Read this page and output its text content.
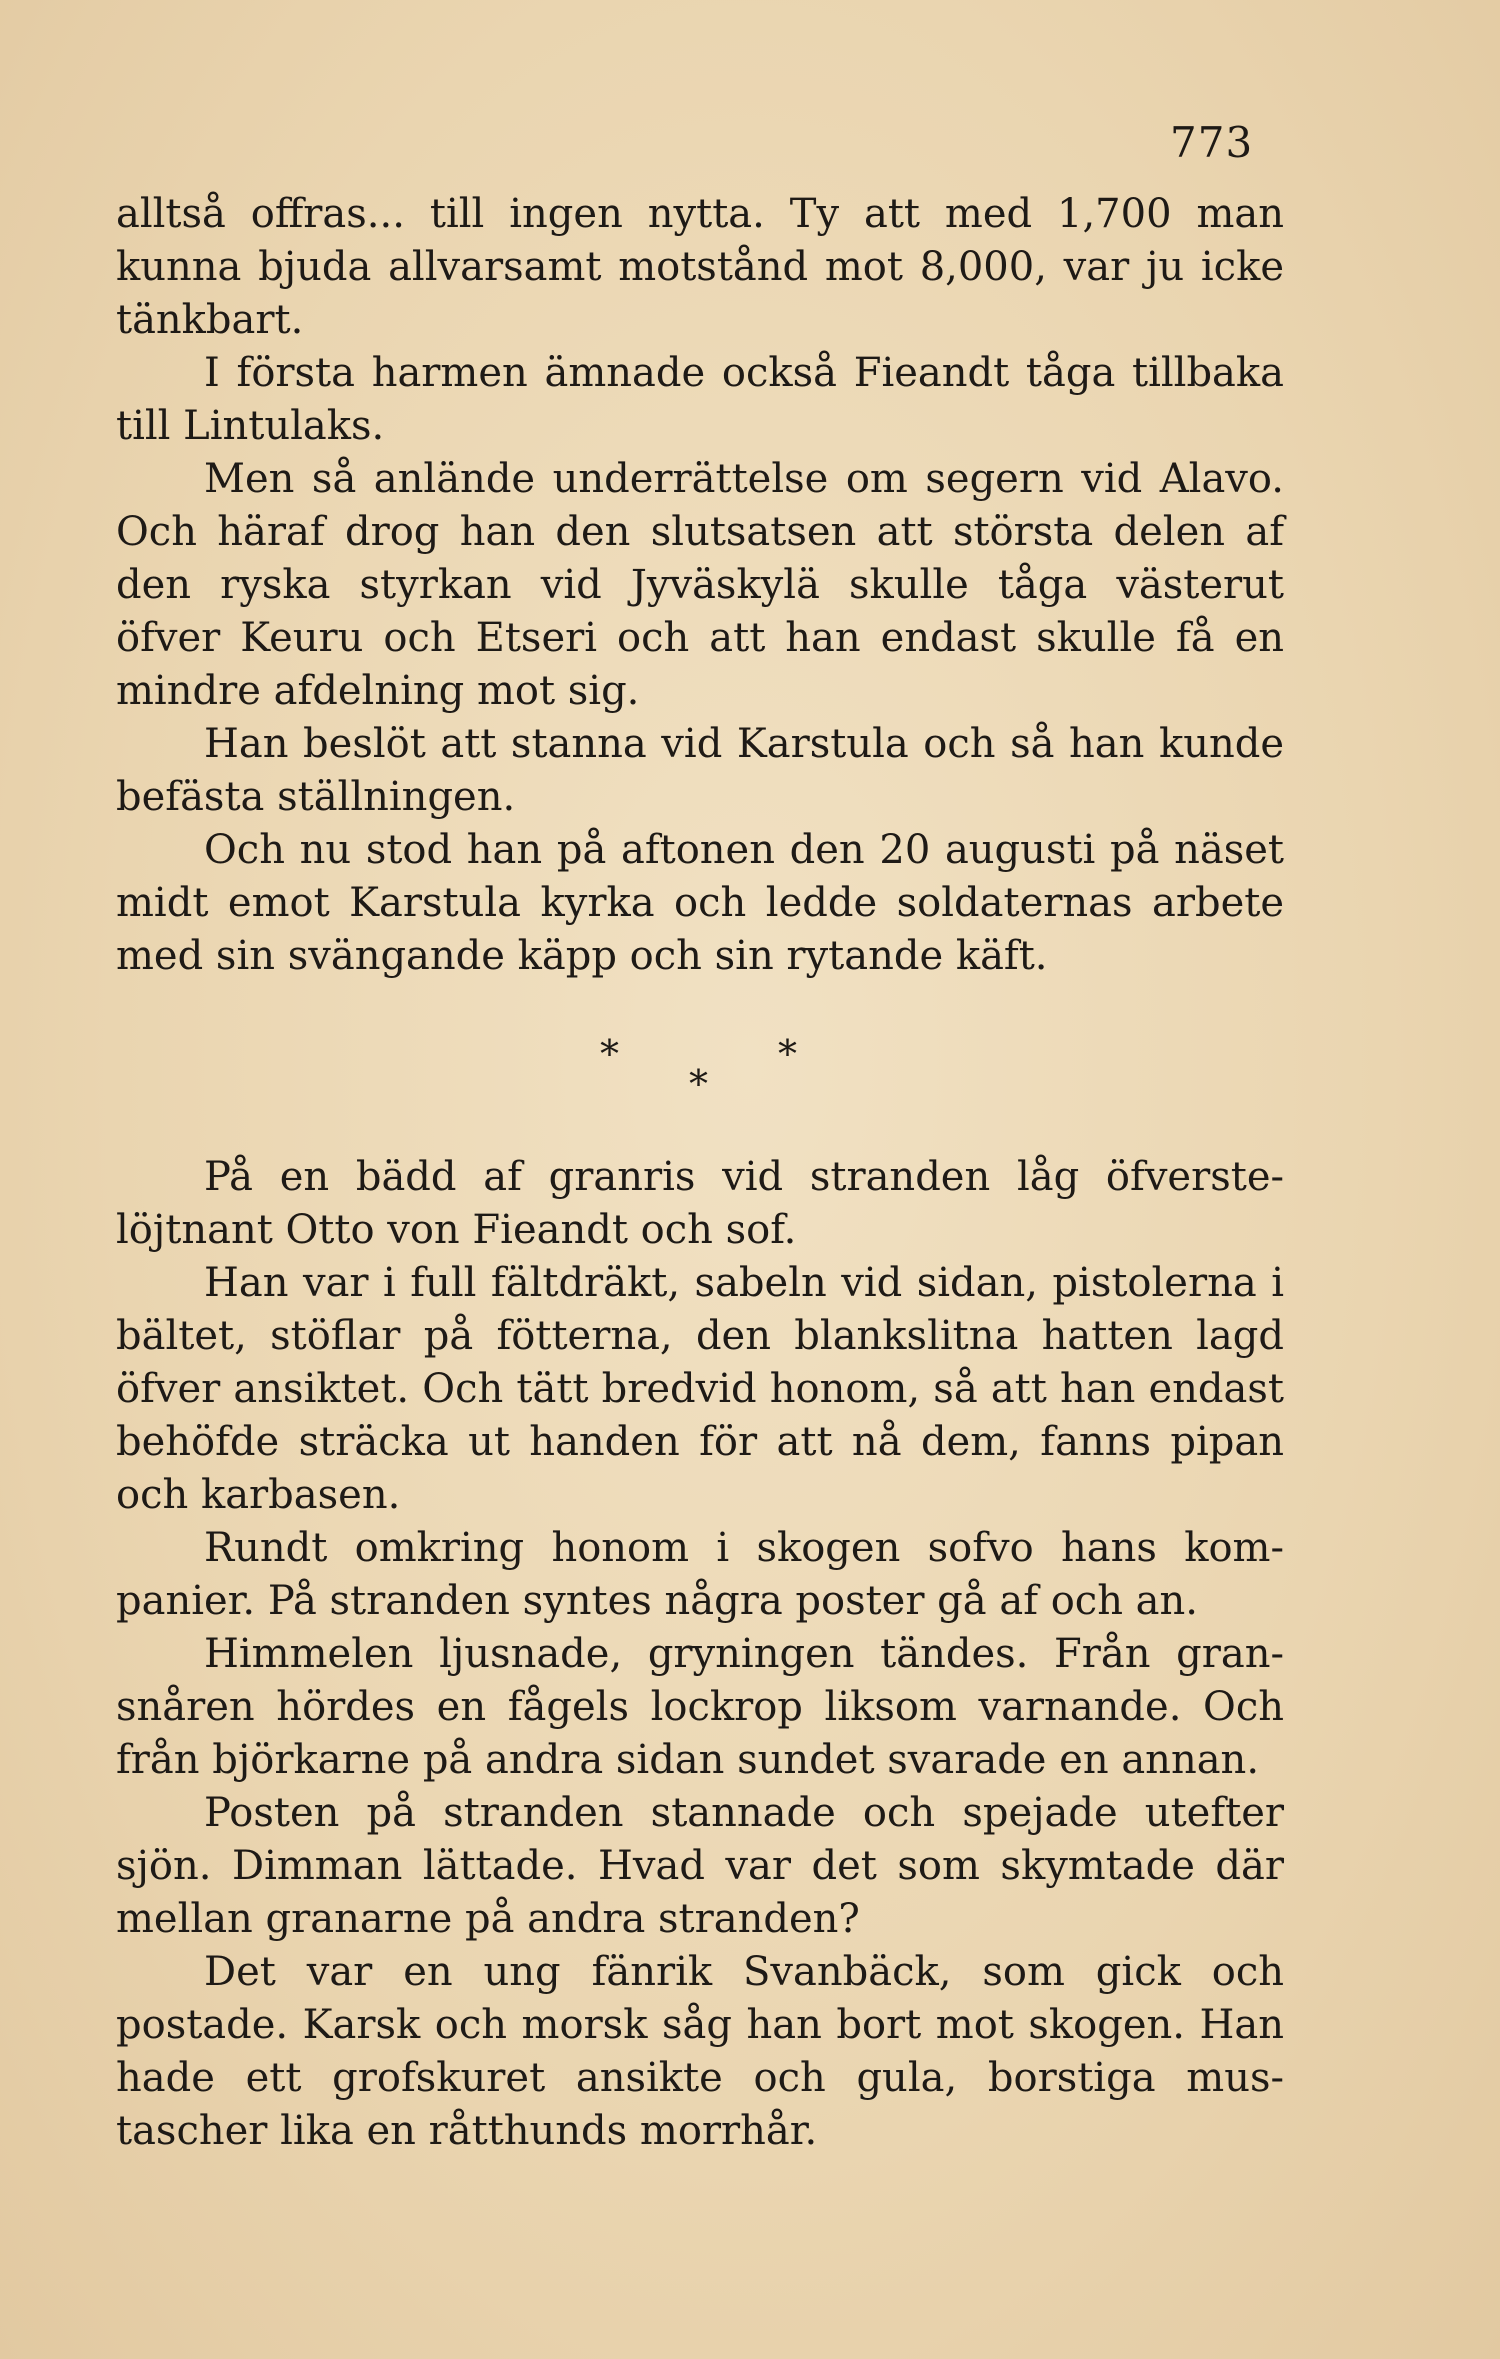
773

alltså offras... till ingen nytta. Ty att med 1,700 man kunna bjuda allvarsamt motstånd mot 8,000, var ju icke tänkbart.

I första harmen ämnade också Fieandt tåga tillbaka till Lintulaks.

Men så anlände underrättelse om segern vid Alavo. Och häraf drog han den slutsatsen att största delen af den ryska styrkan vid Jyväskylä skulle tåga västerut öfver Keuru och Etseri och att han endast skulle få en mindre afdelning mot sig.

Han beslöt att stanna vid Karstula och så han kunde befästa ställningen.

Och nu stod han på aftonen den 20 augusti på näset midt emot Karstula kyrka och ledde soldaternas arbete med sin svängande käpp och sin rytande käft.

*	*
*

På en bädd af granris vid stranden låg öfverstelöjtnant Otto von Fieandt och sof.

Han var i full fältdräkt, sabeln vid sidan, pistolerna i bältet, stöflar på fötterna, den blankslitna hatten lagd öfver ansiktet. Och tätt bredvid honom, så att han endast behöfde sträcka ut handen för att nå dem, fanns pipan och karbasen.

Rundt omkring honom i skogen sofvo hans kompanier. På stranden syntes några poster gå af och an.

Himmelen ljusnade, gryningen tändes. Från gransnåren hördes en fågels lockrop liksom varnande. Och från björkarne på andra sidan sundet svarade en annan.

Posten på stranden stannade och spejade utefter sjön. Dimman lättade. Hvad var det som skymtade där mellan granarne på andra stranden?

Det var en ung fänrik Svanbäck, som gick och postade. Karsk och morsk såg han bort mot skogen. Han hade ett grofskuret ansikte och gula, borstiga mustascher lika en råtthunds morrhår.
